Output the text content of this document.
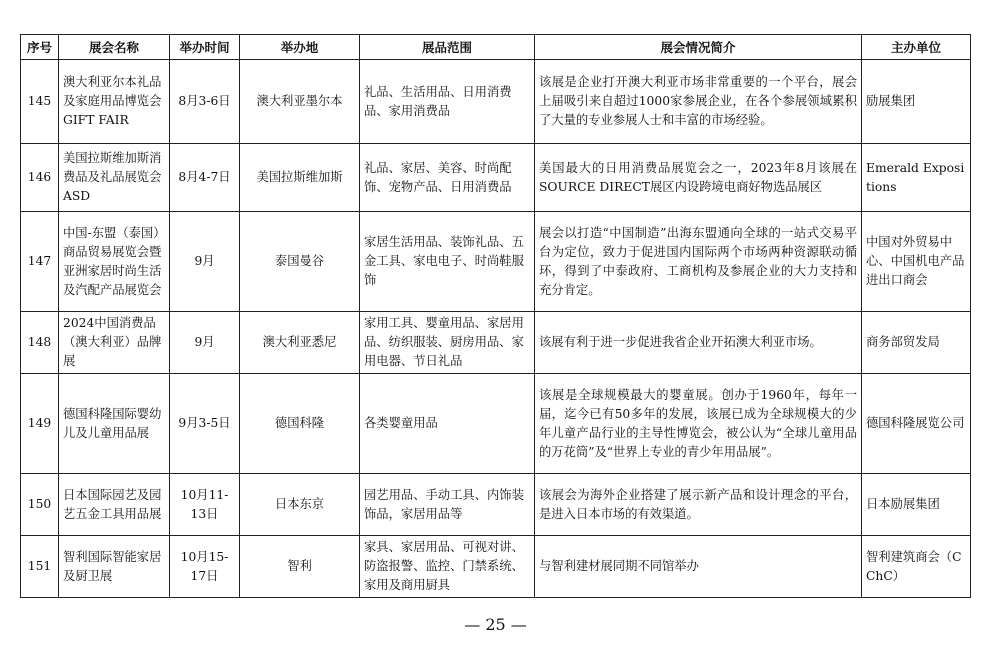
序号	展会名称	举办时间	举办地	展品范围	展会情况简介	主办单位
145	澳大利亚尔本礼品及家庭用品博览会 GIFT FAIR	8月3-6日	澳大利亚墨尔本	礼品、生活用品、日用消费品、家用消费品	该展是企业打开澳大利亚市场非常重要的一个平台，展会上届吸引来自超过1000家参展企业，在各个参展领域累积了大量的专业参展人士和丰富的市场经验。	励展集团
146	美国拉斯维加斯消费品及礼品展览会 ASD	8月4-7日	美国拉斯维加斯	礼品、家居、美容、时尚配饰、宠物产品、日用消费品	美国最大的日用消费品展览会之一，2023年8月该展在SOURCE DIRECT展区内设跨境电商好物选品展区	Emerald Expositions
147	中国-东盟（泰国）商品贸易展览会暨亚洲家居时尚生活及汽配产品展览会	9月	泰国曼谷	家居生活用品、装饰礼品、五金工具、家电电子、时尚鞋服饰	展会以打造“中国制造”出海东盟通向全球的一站式交易平台为定位，致力于促进国内国际两个市场两种资源联动循环，得到了中泰政府、工商机构及参展企业的大力支持和充分肯定。	中国对外贸易中心、中国机电产品进出口商会
148	2024中国消费品（澳大利亚）品牌展	9月	澳大利亚悉尼	家用工具、婴童用品、家居用品、纺织服装、厨房用品、家用电器、节日礼品	该展有利于进一步促进我省企业开拓澳大利亚市场。	商务部贸发局
149	德国科隆国际婴幼儿及儿童用品展	9月3-5日	德国科隆	各类婴童用品	该展是全球规模最大的婴童展。创办于1960年，每年一届，迄今已有50多年的发展，该展已成为全球规模大的少年儿童产品行业的主导性博览会，被公认为“全球儿童用品的万花筒”及“世界上专业的青少年用品展”。	德国科隆展览公司
150	日本国际园艺及园艺五金工具用品展	10月11-13日	日本东京	园艺用品、手动工具、内饰装饰品，家居用品等	该展会为海外企业搭建了展示新产品和设计理念的平台，是进入日本市场的有效渠道。	日本励展集团
151	智利国际智能家居及厨卫展	10月15-17日	智利	家具、家居用品、可视对讲、防盗报警、监控、门禁系统、家用及商用厨具	与智利建材展同期不同馆举办	智利建筑商会（CChC）
— 25 —
